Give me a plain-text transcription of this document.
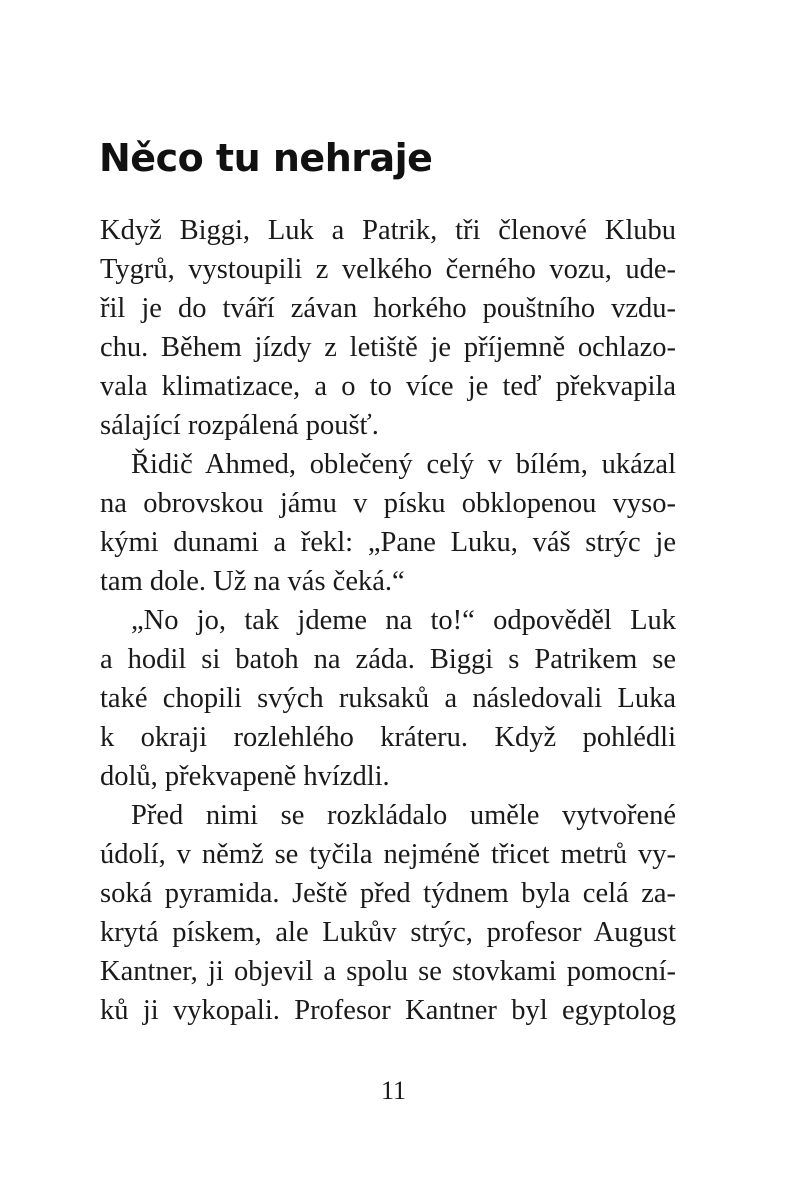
Něco tu nehraje
Když Biggi, Luk a Patrik, tři členové Klubu
Tygrů, vystoupili z velkého černého vozu, ude-
řil je do tváří závan horkého pouštního vzdu-
chu. Během jízdy z letiště je příjemně ochlazo-
vala klimatizace, a o to více je teď překvapila
sálající rozpálená poušť.
Řidič Ahmed, oblečený celý v bílém, ukázal
na obrovskou jámu v písku obklopenou vyso-
kými dunami a řekl: „Pane Luku, váš strýc je
tam dole. Už na vás čeká.“
„No jo, tak jdeme na to!“ odpověděl Luk
a hodil si batoh na záda. Biggi s Patrikem se
také chopili svých ruksaků a následovali Luka
k okraji rozlehlého kráteru. Když pohlédli
dolů, překvapeně hvízdli.
Před nimi se rozkládalo uměle vytvořené
údolí, v němž se tyčila nejméně třicet metrů vy-
soká pyramida. Ještě před týdnem byla celá za-
krytá pískem, ale Lukův strýc, profesor August
Kantner, ji objevil a spolu se stovkami pomocní-
ků ji vykopali. Profesor Kantner byl egyptolog
11
